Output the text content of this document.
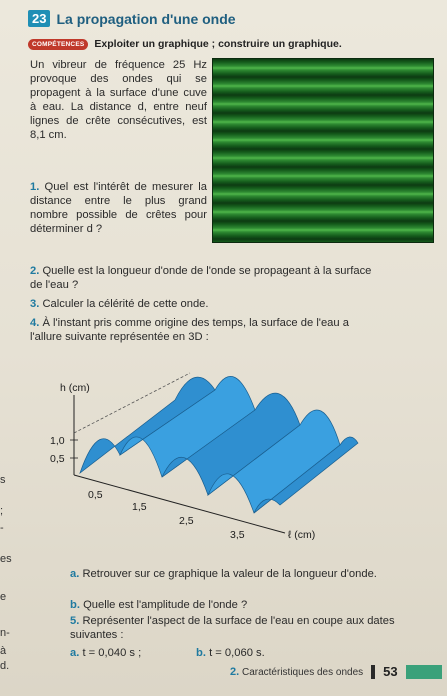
s
;
-
es
e
n-
à
d.
23 La propagation d'une onde
COMPÉTENCES Exploiter un graphique ; construire un graphique.

Un vibreur de fréquence 25 Hz provoque des ondes qui se propagent à la surface d'une cuve à eau. La distance d, entre neuf lignes de crête consécutives, est 8,1 cm.

1. Quel est l'intérêt de mesurer la distance entre le plus grand nombre possible de crêtes pour déterminer d ?

2. Quelle est la longueur d'onde de l'onde se propageant à la surface de l'eau ?

3. Calculer la célérité de cette onde.

4. À l'instant pris comme origine des temps, la surface de l'eau a l'allure suivante représentée en 3D :

h (cm)
1,0
0,5
0,5
1,5
2,5
3,5	ℓ (cm)

a. Retrouver sur ce graphique la valeur de la longueur d'onde.

b. Quelle est l'amplitude de l'onde ?

5. Représenter l'aspect de la surface de l'eau en coupe aux dates suivantes :

a. t = 0,040 s ;	b. t = 0,060 s.

2. Caractéristiques des ondes 53
